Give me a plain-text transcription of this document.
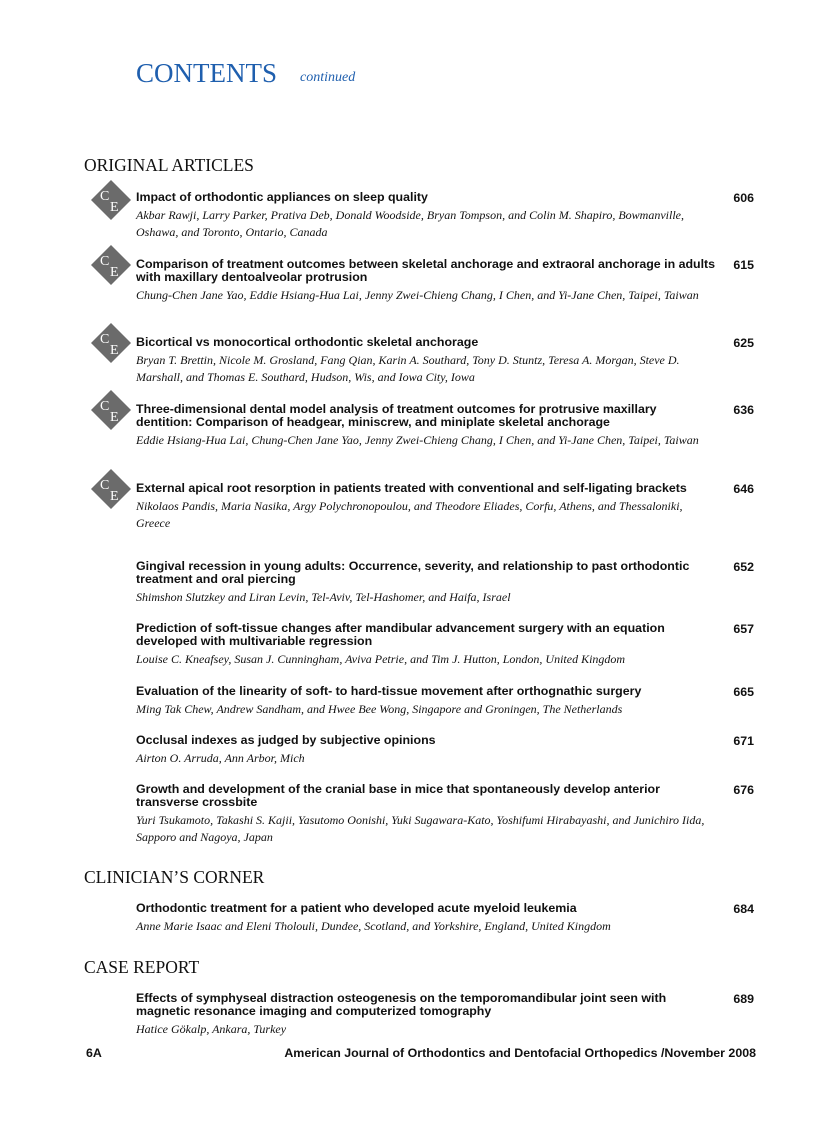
CONTENTS continued
ORIGINAL ARTICLES
C
E
C
E
C
E
C
E
C
E
Impact of orthodontic appliances on sleep quality
Akbar Rawji, Larry Parker, Prativa Deb, Donald Woodside, Bryan Tompson, and Colin M. Shapiro, Bowmanville, Oshawa, and Toronto, Ontario, Canada
606
Comparison of treatment outcomes between skeletal anchorage and extraoral anchorage in adults with maxillary dentoalveolar protrusion
Chung-Chen Jane Yao, Eddie Hsiang-Hua Lai, Jenny Zwei-Chieng Chang, I Chen, and Yi-Jane Chen, Taipei, Taiwan
615
Bicortical vs monocortical orthodontic skeletal anchorage
Bryan T. Brettin, Nicole M. Grosland, Fang Qian, Karin A. Southard, Tony D. Stuntz, Teresa A. Morgan, Steve D. Marshall, and Thomas E. Southard, Hudson, Wis, and Iowa City, Iowa
625
Three-dimensional dental model analysis of treatment outcomes for protrusive maxillary dentition: Comparison of headgear, miniscrew, and miniplate skeletal anchorage
Eddie Hsiang-Hua Lai, Chung-Chen Jane Yao, Jenny Zwei-Chieng Chang, I Chen, and Yi-Jane Chen, Taipei, Taiwan
636
External apical root resorption in patients treated with conventional and self-ligating brackets
Nikolaos Pandis, Maria Nasika, Argy Polychronopoulou, and Theodore Eliades, Corfu, Athens, and Thessaloniki, Greece
646
Gingival recession in young adults: Occurrence, severity, and relationship to past orthodontic treatment and oral piercing
Shimshon Slutzkey and Liran Levin, Tel-Aviv, Tel-Hashomer, and Haifa, Israel
652
Prediction of soft-tissue changes after mandibular advancement surgery with an equation developed with multivariable regression
Louise C. Kneafsey, Susan J. Cunningham, Aviva Petrie, and Tim J. Hutton, London, United Kingdom
657
Evaluation of the linearity of soft- to hard-tissue movement after orthognathic surgery
Ming Tak Chew, Andrew Sandham, and Hwee Bee Wong, Singapore and Groningen, The Netherlands
665
Occlusal indexes as judged by subjective opinions
Airton O. Arruda, Ann Arbor, Mich
671
Growth and development of the cranial base in mice that spontaneously develop anterior transverse crossbite
Yuri Tsukamoto, Takashi S. Kajii, Yasutomo Oonishi, Yuki Sugawara-Kato, Yoshifumi Hirabayashi, and Junichiro Iida, Sapporo and Nagoya, Japan
676
CLINICIAN’S CORNER
Orthodontic treatment for a patient who developed acute myeloid leukemia
Anne Marie Isaac and Eleni Tholouli, Dundee, Scotland, and Yorkshire, England, United Kingdom
684
CASE REPORT
Effects of symphyseal distraction osteogenesis on the temporomandibular joint seen with magnetic resonance imaging and computerized tomography
Hatice Gökalp, Ankara, Turkey
689
6A	American Journal of Orthodontics and Dentofacial Orthopedics /November 2008
